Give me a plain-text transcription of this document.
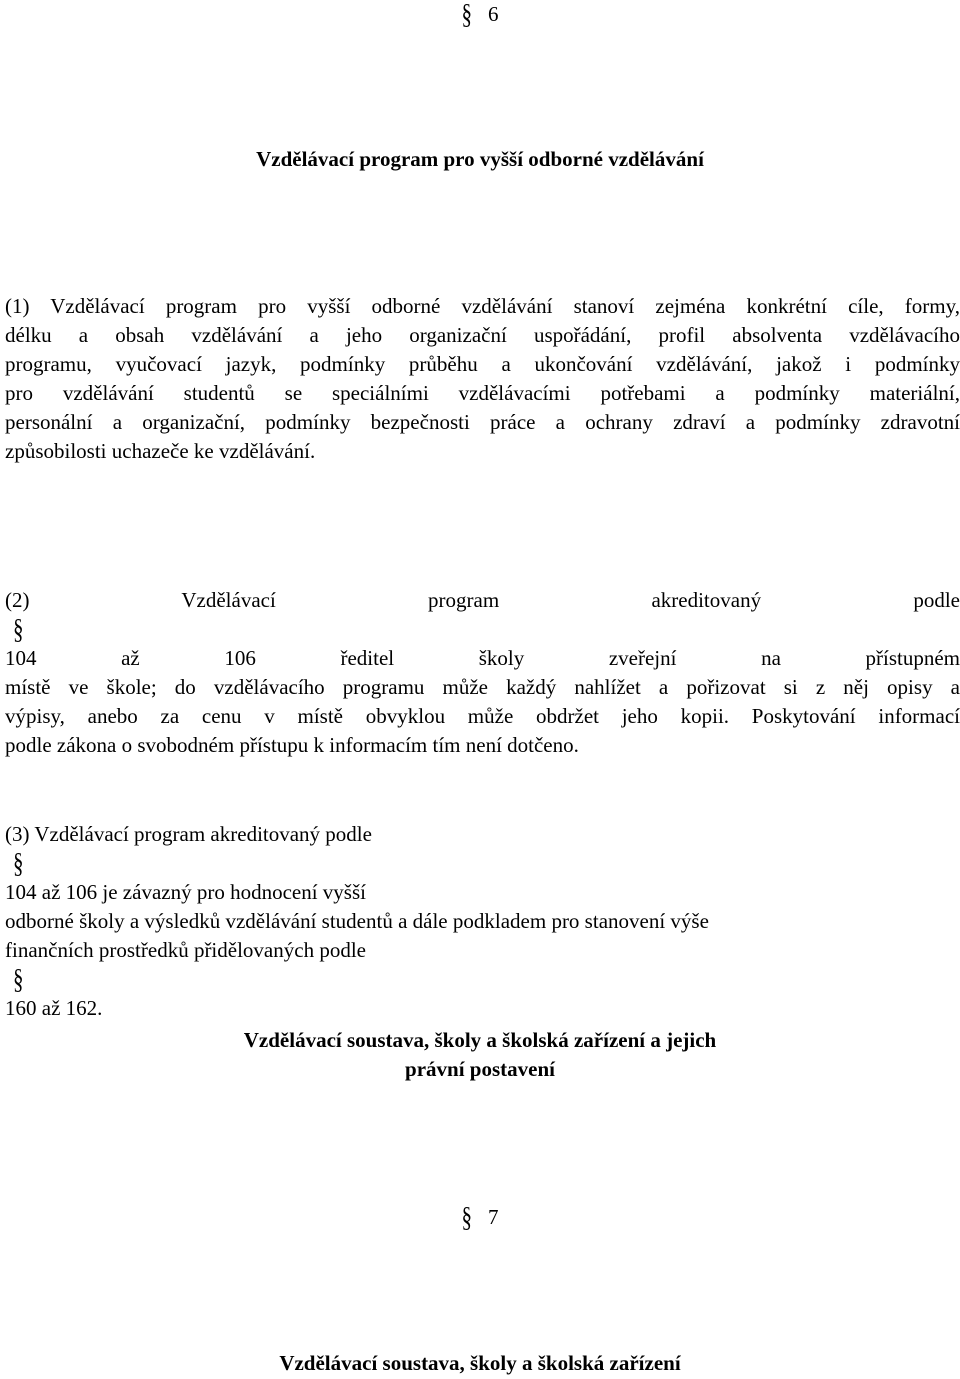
§ 6
Vzdělávací program pro vyšší odborné vzdělávání
(1) Vzdělávací program pro vyšší odborné vzdělávání stanoví zejména konkrétní cíle, formy,
délku a obsah vzdělávání a jeho organizační uspořádání, profil absolventa vzdělávacího
programu, vyučovací jazyk, podmínky průběhu a ukončování vzdělávání, jakož i podmínky
pro vzdělávání studentů se speciálními vzdělávacími potřebami a podmínky materiální,
personální a organizační, podmínky bezpečnosti práce a ochrany zdraví a podmínky zdravotní
způsobilosti uchazeče ke vzdělávání.
(2) Vzdělávací program akreditovaný podle
§
104 až 106 ředitel školy zveřejní na přístupném
místě ve škole; do vzdělávacího programu může každý nahlížet a pořizovat si z něj opisy a
výpisy, anebo za cenu v místě obvyklou může obdržet jeho kopii. Poskytování informací
podle zákona o svobodném přístupu k informacím tím není dotčeno.
(3) Vzdělávací program akreditovaný podle
§
104 až 106 je závazný pro hodnocení vyšší
odborné školy a výsledků vzdělávání studentů a dále podkladem pro stanovení výše
finančních prostředků přidělovaných podle
§
160 až 162.
Vzdělávací soustava, školy a školská zařízení a jejich
právní postavení
§ 7
Vzdělávací soustava, školy a školská zařízení
